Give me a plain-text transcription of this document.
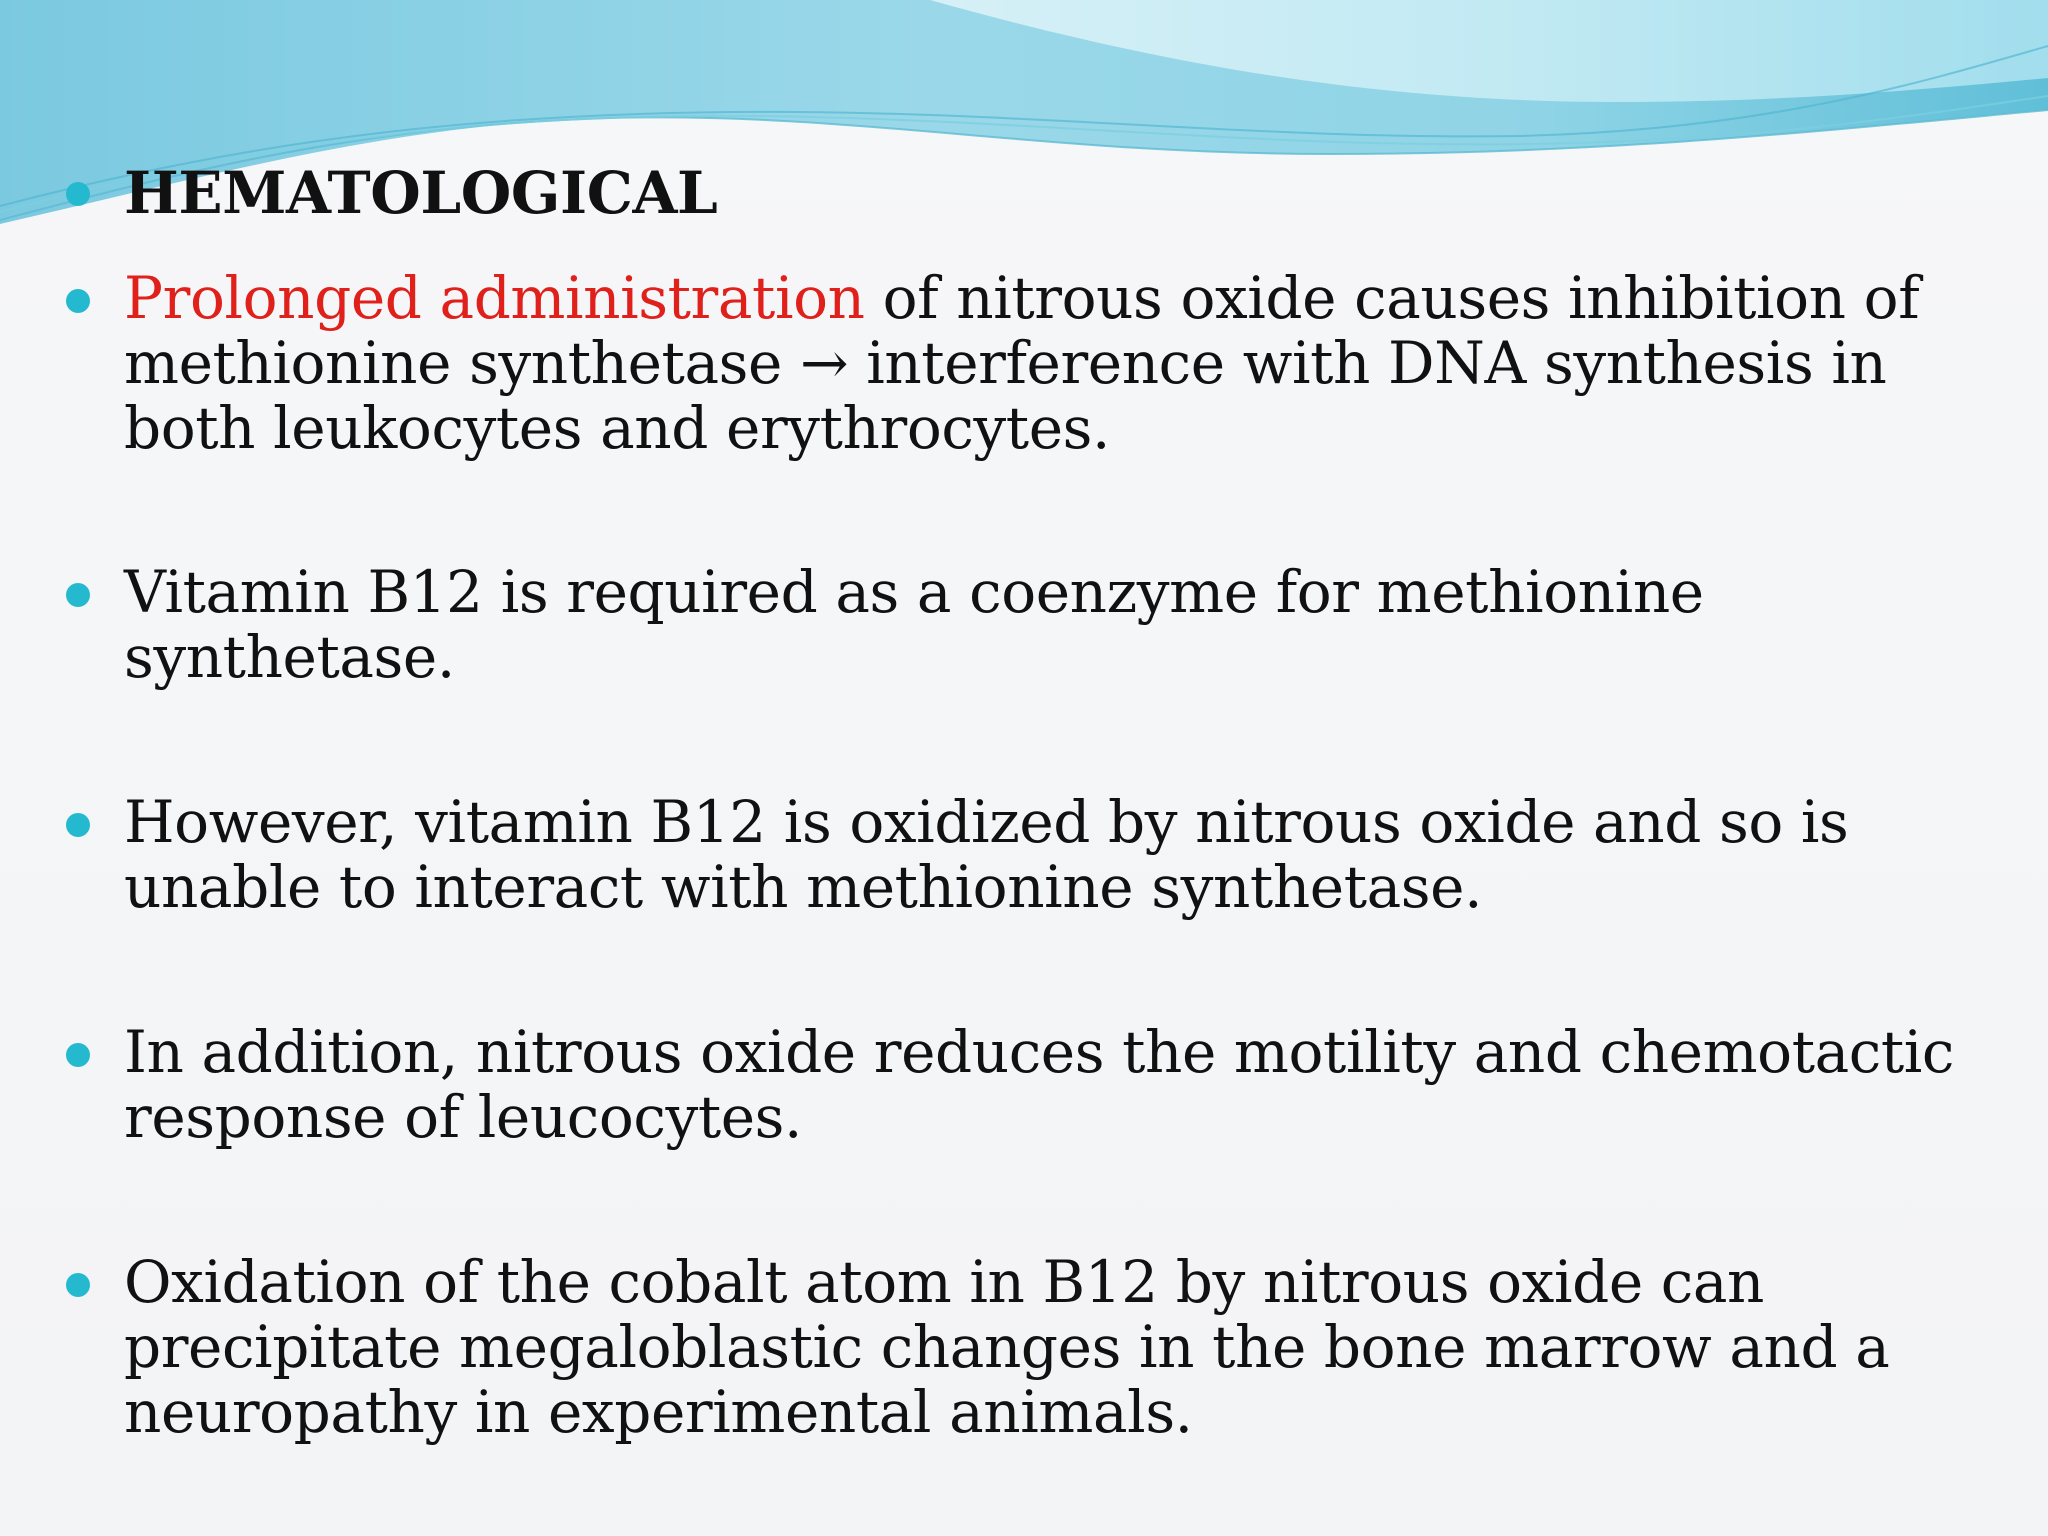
HEMATOLOGICAL
Prolonged administration of nitrous oxide causes inhibition of methionine synthetase → interference with DNA synthesis in both leukocytes and erythrocytes.
Vitamin B12 is required as a coenzyme for methionine synthetase.
However, vitamin B12 is oxidized by nitrous oxide and so is unable to interact with methionine synthetase.
In addition, nitrous oxide reduces the motility and chemotactic response of leucocytes.
Oxidation of the cobalt atom in B12 by nitrous oxide can precipitate megaloblastic changes in the bone marrow and a neuropathy in experimental animals.
